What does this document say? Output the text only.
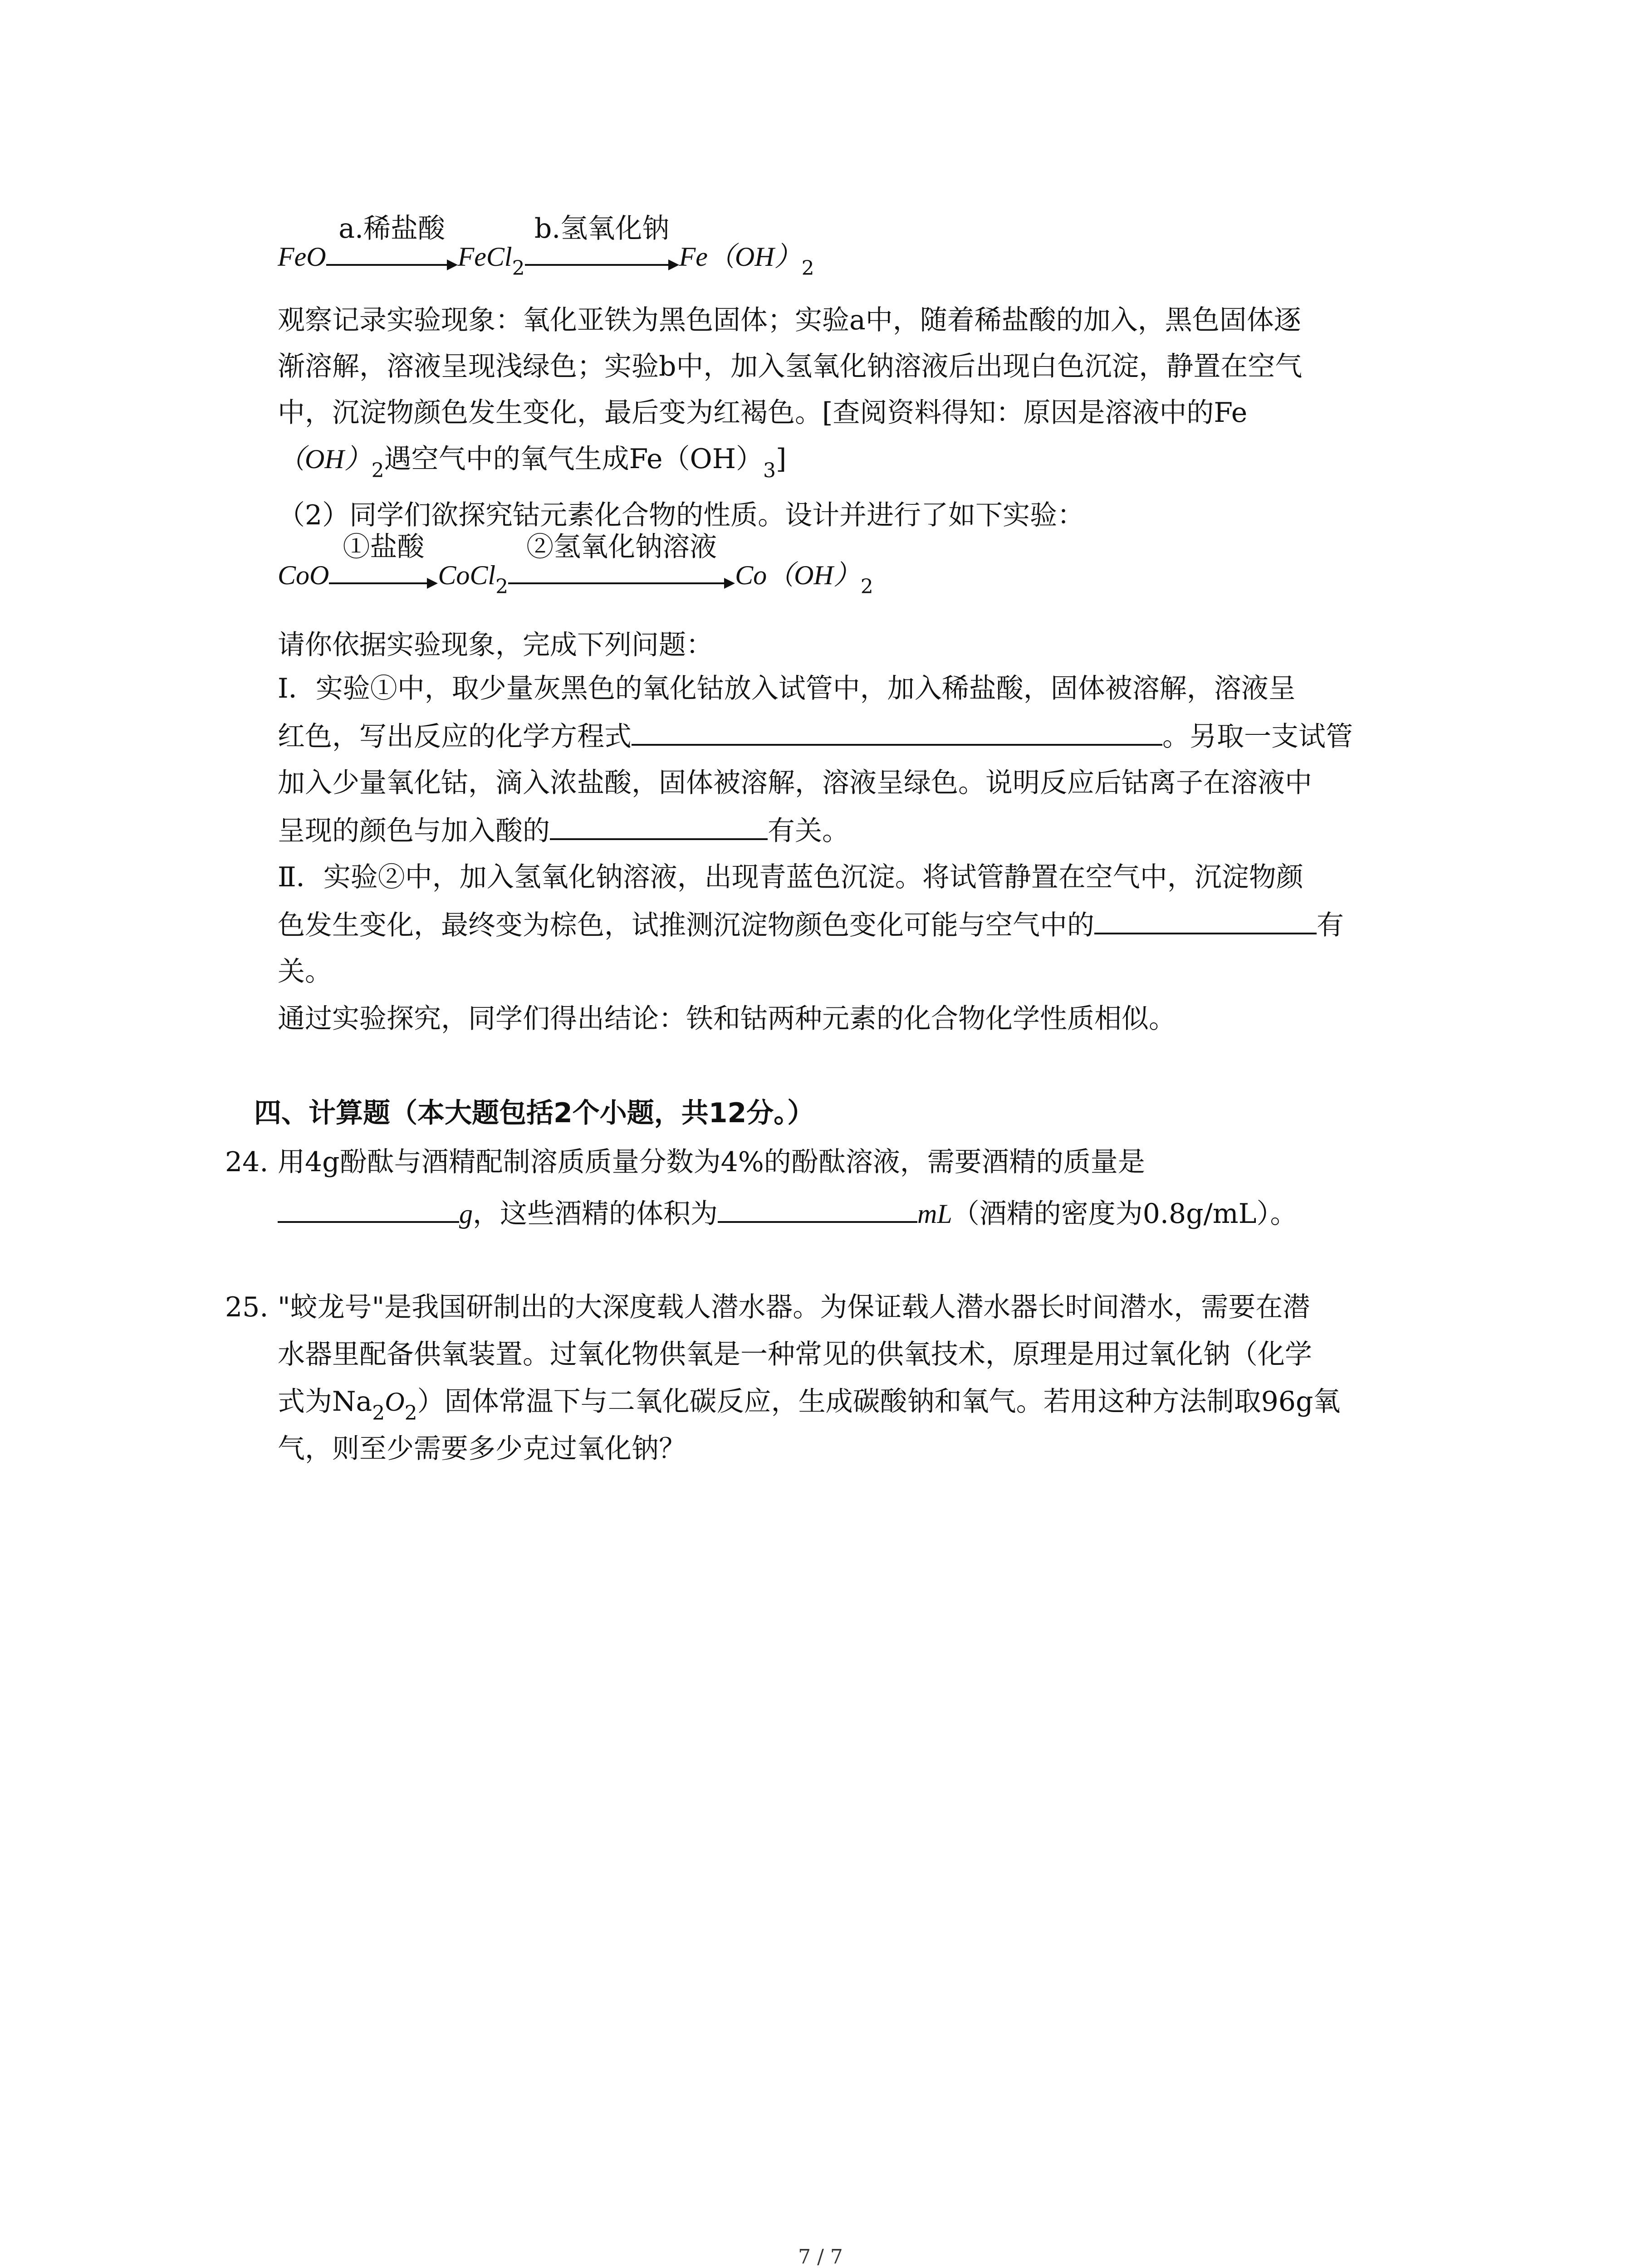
FeO
a.稀盐酸
FeCl$_2$
b.氢氧化钠
$Fe(OH)_2$
观察记录实验现象：氧化亚铁为黑色固体；实验a中，随着稀盐酸的加入，黑色固体逐
渐溶解，溶液呈现浅绿色；实验b中，加入氢氧化钠溶液后出现白色沉淀，静置在空气
中，沉淀物颜色发生变化，最后变为红褐色。[查阅资料得知：原因是溶液中的Fe
$(OH)_2$遇空气中的氧气生成$Fe(OH)_3$]
（2）同学们欲探究钴元素化合物的性质。设计并进行了如下实验：
CoO
①盐酸
CoCl$_2$
②氢氧化钠溶液
$Co(OH)_2$
请你依据实验现象，完成下列问题：
Ⅰ．实验①中，取少量灰黑色的氧化钴放入试管中，加入稀盐酸，固体被溶解，溶液呈
红色，写出反应的化学方程式	。另取一支试管
加入少量氧化钴，滴入浓盐酸，固体被溶解，溶液呈绿色。说明反应后钴离子在溶液中
呈现的颜色与加入酸的	有关。
Ⅱ．实验②中，加入氢氧化钠溶液，出现青蓝色沉淀。将试管静置在空气中，沉淀物颜
色发生变化，最终变为棕色，试推测沉淀物颜色变化可能与空气中的	有
关。
通过实验探究，同学们得出结论：铁和钴两种元素的化合物化学性质相似。
四、计算题（本大题包括2个小题，共12分。）
24. 用4g酚酞与酒精配制溶质质量分数为4%的酚酞溶液，需要酒精的质量是
g，这些酒精的体积为	mL（酒精的密度为0.8g/mL）。
25. "蛟龙号"是我国研制出的大深度载人潜水器。为保证载人潜水器长时间潜水，需要在潜
水器里配备供氧装置。过氧化物供氧是一种常见的供氧技术，原理是用过氧化钠（化学
式为$Na_2O_2$）固体常温下与二氧化碳反应，生成碳酸钠和氧气。若用这种方法制取96g氧
气，则至少需要多少克过氧化钠？
7 / 7
